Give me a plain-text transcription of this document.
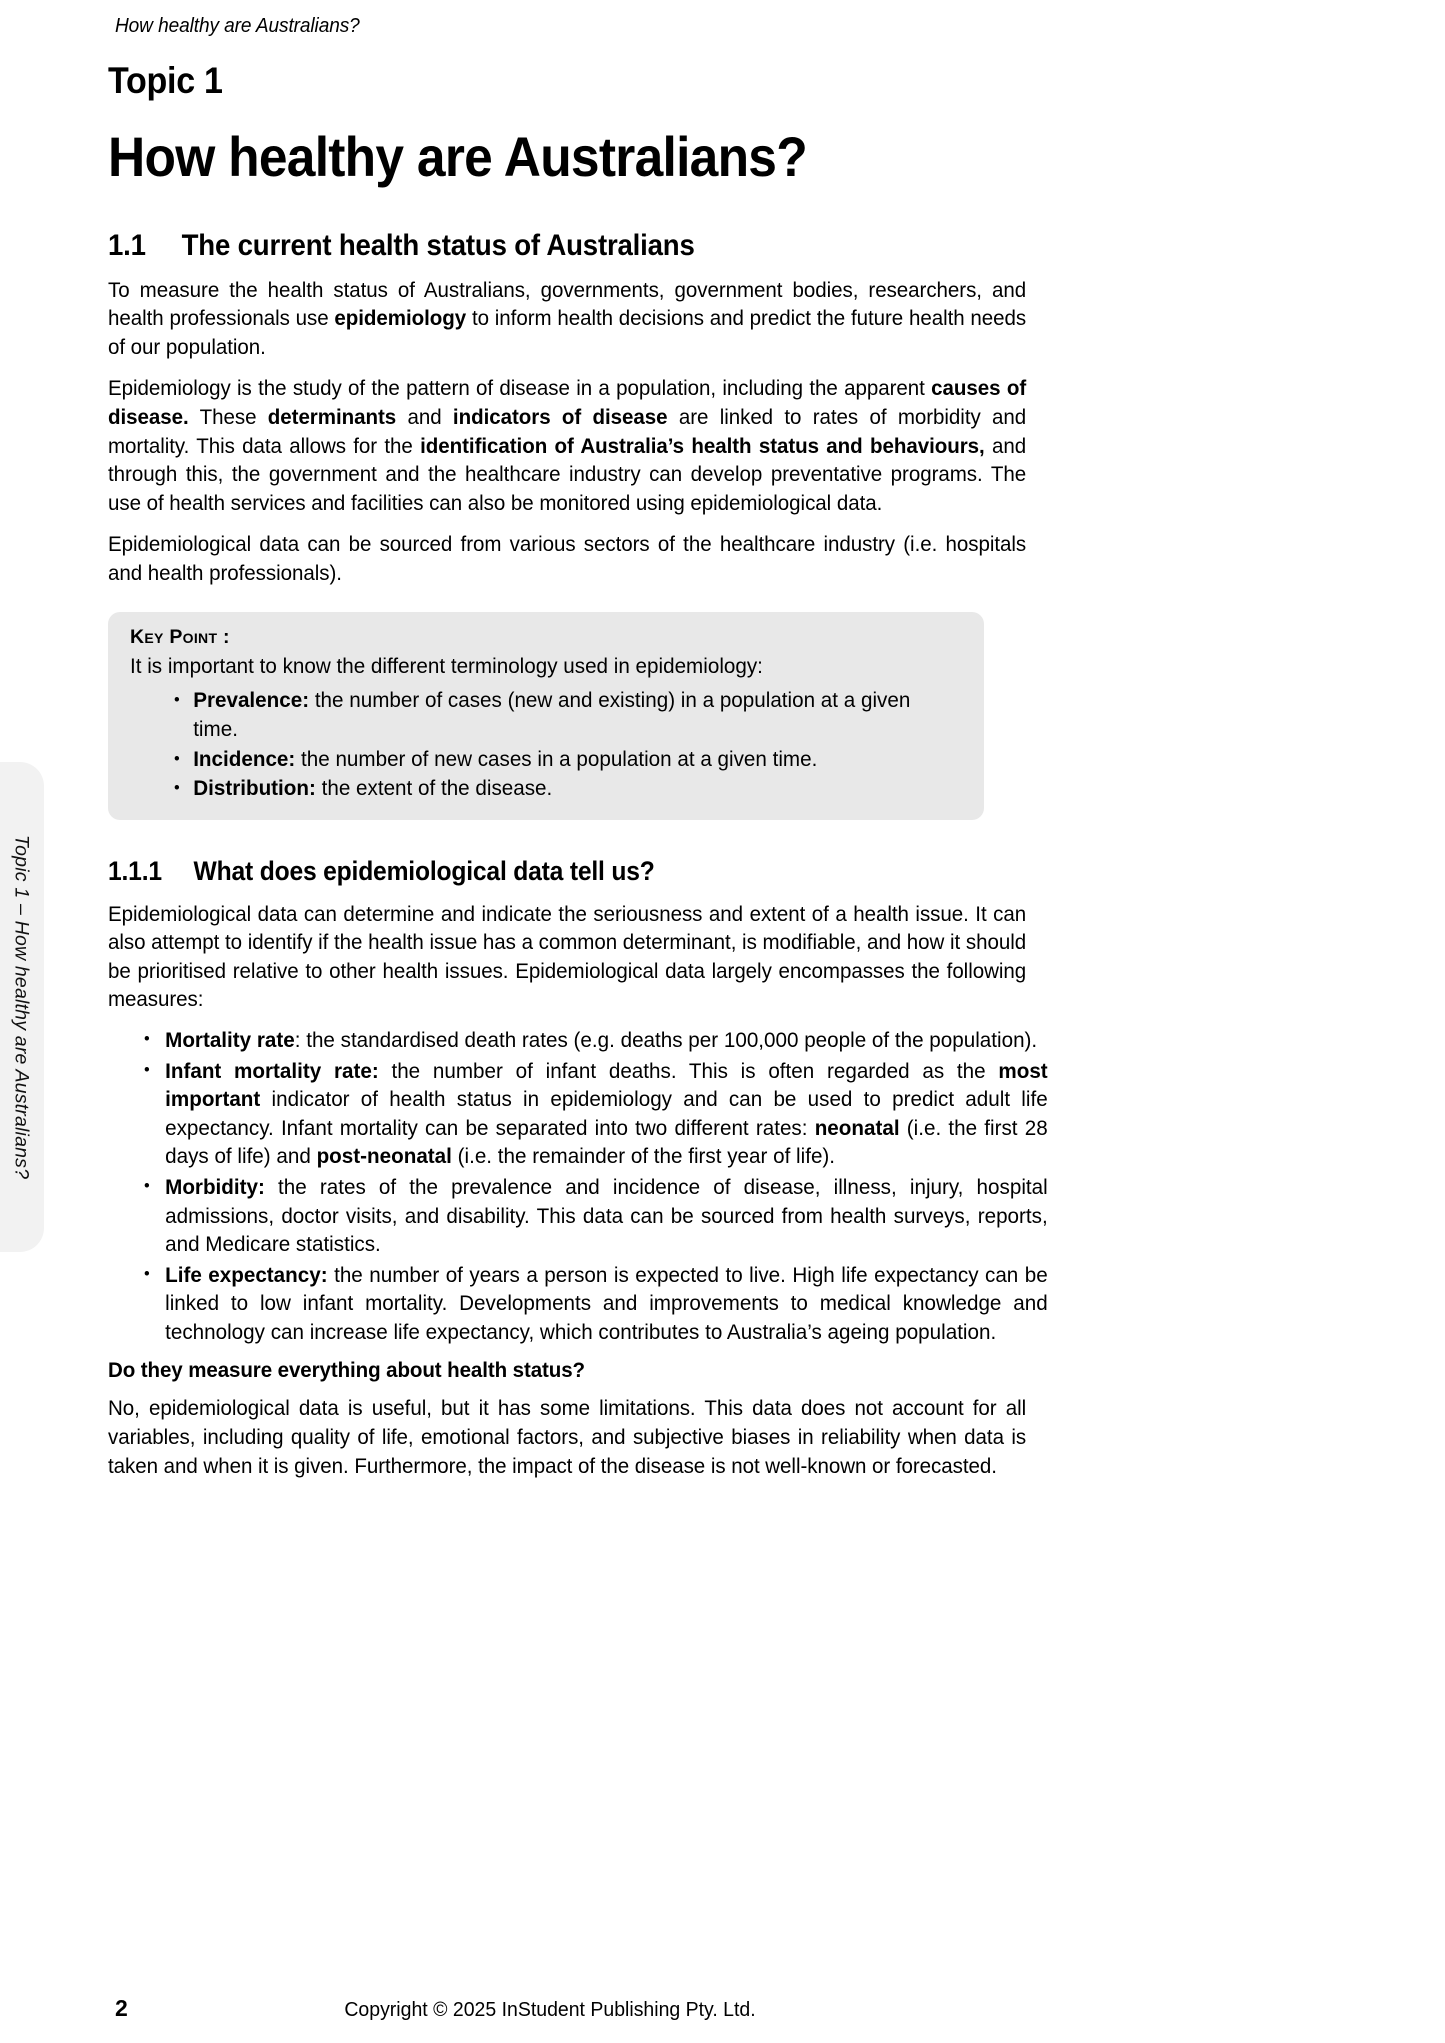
How healthy are Australians?
Topic 1 – How healthy are Australians?
Topic 1
How healthy are Australians?
1.1 The current health status of Australians

To measure the health status of Australians, governments, government bodies, researchers, and health professionals use epidemiology to inform health decisions and predict the future health needs of our population.

Epidemiology is the study of the pattern of disease in a population, including the apparent causes of disease. These determinants and indicators of disease are linked to rates of morbidity and mortality. This data allows for the identification of Australia’s health status and behaviours, and through this, the government and the healthcare industry can develop preventative programs. The use of health services and facilities can also be monitored using epidemiological data.

Epidemiological data can be sourced from various sectors of the healthcare industry (i.e. hospitals and health professionals).

Key Point :

It is important to know the different terminology used in epidemiology:

• Prevalence: the number of cases (new and existing) in a population at a given time.
• Incidence: the number of new cases in a population at a given time.
• Distribution: the extent of the disease.
1.1.1 What does epidemiological data tell us?

Epidemiological data can determine and indicate the seriousness and extent of a health issue. It can also attempt to identify if the health issue has a common determinant, is modifiable, and how it should be prioritised relative to other health issues. Epidemiological data largely encompasses the following measures:

• Mortality rate: the standardised death rates (e.g. deaths per 100,000 people of the population).
• Infant mortality rate: the number of infant deaths. This is often regarded as the most important indicator of health status in epidemiology and can be used to predict adult life expectancy. Infant mortality can be separated into two different rates: neonatal (i.e. the first 28 days of life) and post-neonatal (i.e. the remainder of the first year of life).
• Morbidity: the rates of the prevalence and incidence of disease, illness, injury, hospital admissions, doctor visits, and disability. This data can be sourced from health surveys, reports, and Medicare statistics.
• Life expectancy: the number of years a person is expected to live. High life expectancy can be linked to low infant mortality. Developments and improvements to medical knowledge and technology can increase life expectancy, which contributes to Australia’s ageing population.

Do they measure everything about health status?

No, epidemiological data is useful, but it has some limitations. This data does not account for all variables, including quality of life, emotional factors, and subjective biases in reliability when data is taken and when it is given. Furthermore, the impact of the disease is not well-known or forecasted.

2	Copyright © 2025 InStudent Publishing Pty. Ltd.
